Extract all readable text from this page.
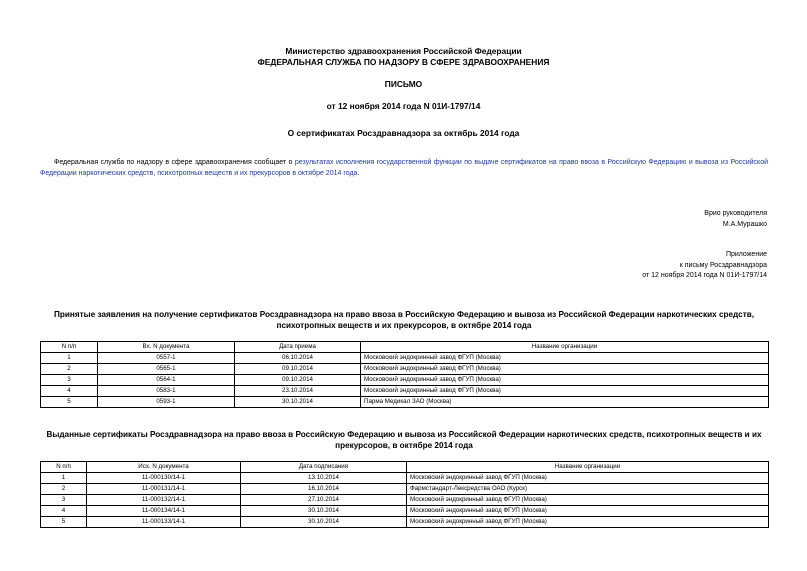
Министерство здравоохранения Российской Федерации
ФЕДЕРАЛЬНАЯ СЛУЖБА ПО НАДЗОРУ В СФЕРЕ ЗДРАВООХРАНЕНИЯ
ПИСЬМО
от 12 ноября 2014 года N 01И-1797/14
О сертификатах Росздравнадзора за октябрь 2014 года
Федеральная служба по надзору в сфере здравоохранения сообщает о результатах исполнения государственной функции по выдаче сертификатов на право ввоза в Российскую Федерацию и вывоза из Российской Федерации наркотических средств, психотропных веществ и их прекурсоров в октябре 2014 года.
Врио руководителя
М.А.Мурашко
Приложение
к письму Росздравнадзора
от 12 ноября 2014 года N 01И-1797/14
Принятые заявления на получение сертификатов Росздравнадзора на право ввоза в Российскую Федерацию и вывоза из Российской Федерации наркотических средств, психотропных веществ и их прекурсоров, в октябре 2014 года
N п/п	Вх. N документа	Дата приема	Название организации
1	0557-1	06.10.2014	Московский эндокринный завод ФГУП (Москва)
2	0565-1	09.10.2014	Московский эндокринный завод ФГУП (Москва)
3	0564-1	09.10.2014	Московский эндокринный завод ФГУП (Москва)
4	0583-1	23.10.2014	Московский эндокринный завод ФГУП (Москва)
5	0593-1	30.10.2014	Парма Медикал ЗАО (Москва)
Выданные сертификаты Росздравнадзора на право ввоза в Российскую Федерацию и вывоза из Российской Федерации наркотических средств, психотропных веществ и их прекурсоров, в октябре 2014 года
N п/п	Исх. N документа	Дата подписания	Название организации
1	11-000130/14-1	13.10.2014	Московский эндокринный завод ФГУП (Москва)
2	11-000131/14-1	16.10.2014	Фармстандарт-Лексредства ОАО (Курск)
3	11-000132/14-1	27.10.2014	Московский эндокринный завод ФГУП (Москва)
4	11-000134/14-1	30.10.2014	Московский эндокринный завод ФГУП (Москва)
5	11-000133/14-1	30.10.2014	Московский эндокринный завод ФГУП (Москва)
